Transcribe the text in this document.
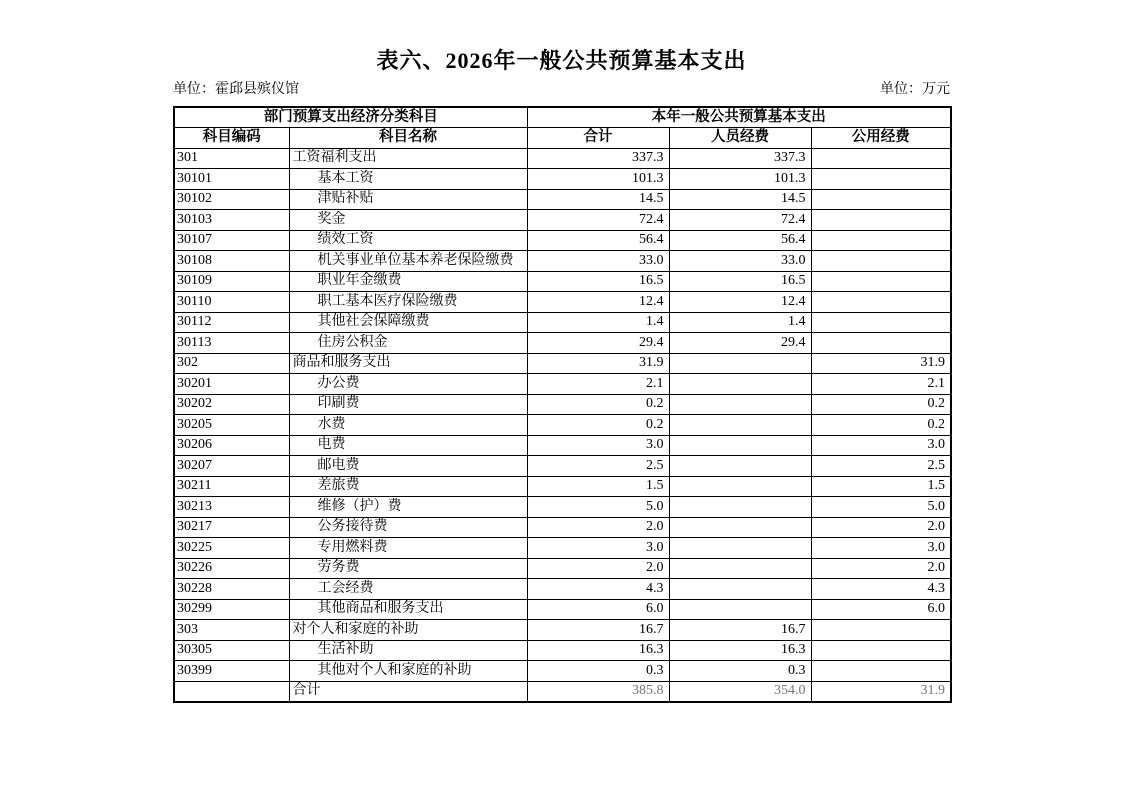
表六、2026年一般公共预算基本支出
单位：霍邱县殡仪馆	单位：万元
部门预算支出经济分类科目		本年一般公共预算基本支出		
科目编码	科目名称	合计	人员经费	公用经费
301	工资福利支出	337.3	337.3	
30101	基本工资	101.3	101.3	
30102	津贴补贴	14.5	14.5	
30103	奖金	72.4	72.4	
30107	绩效工资	56.4	56.4	
30108	机关事业单位基本养老保险缴费	33.0	33.0	
30109	职业年金缴费	16.5	16.5	
30110	职工基本医疗保险缴费	12.4	12.4	
30112	其他社会保障缴费	1.4	1.4	
30113	住房公积金	29.4	29.4	
302	商品和服务支出	31.9		31.9
30201	办公费	2.1		2.1
30202	印刷费	0.2		0.2
30205	水费	0.2		0.2
30206	电费	3.0		3.0
30207	邮电费	2.5		2.5
30211	差旅费	1.5		1.5
30213	维修（护）费	5.0		5.0
30217	公务接待费	2.0		2.0
30225	专用燃料费	3.0		3.0
30226	劳务费	2.0		2.0
30228	工会经费	4.3		4.3
30299	其他商品和服务支出	6.0		6.0
303	对个人和家庭的补助	16.7	16.7	
30305	生活补助	16.3	16.3	
30399	其他对个人和家庭的补助	0.3	0.3	
	合计	385.8	354.0	31.9
